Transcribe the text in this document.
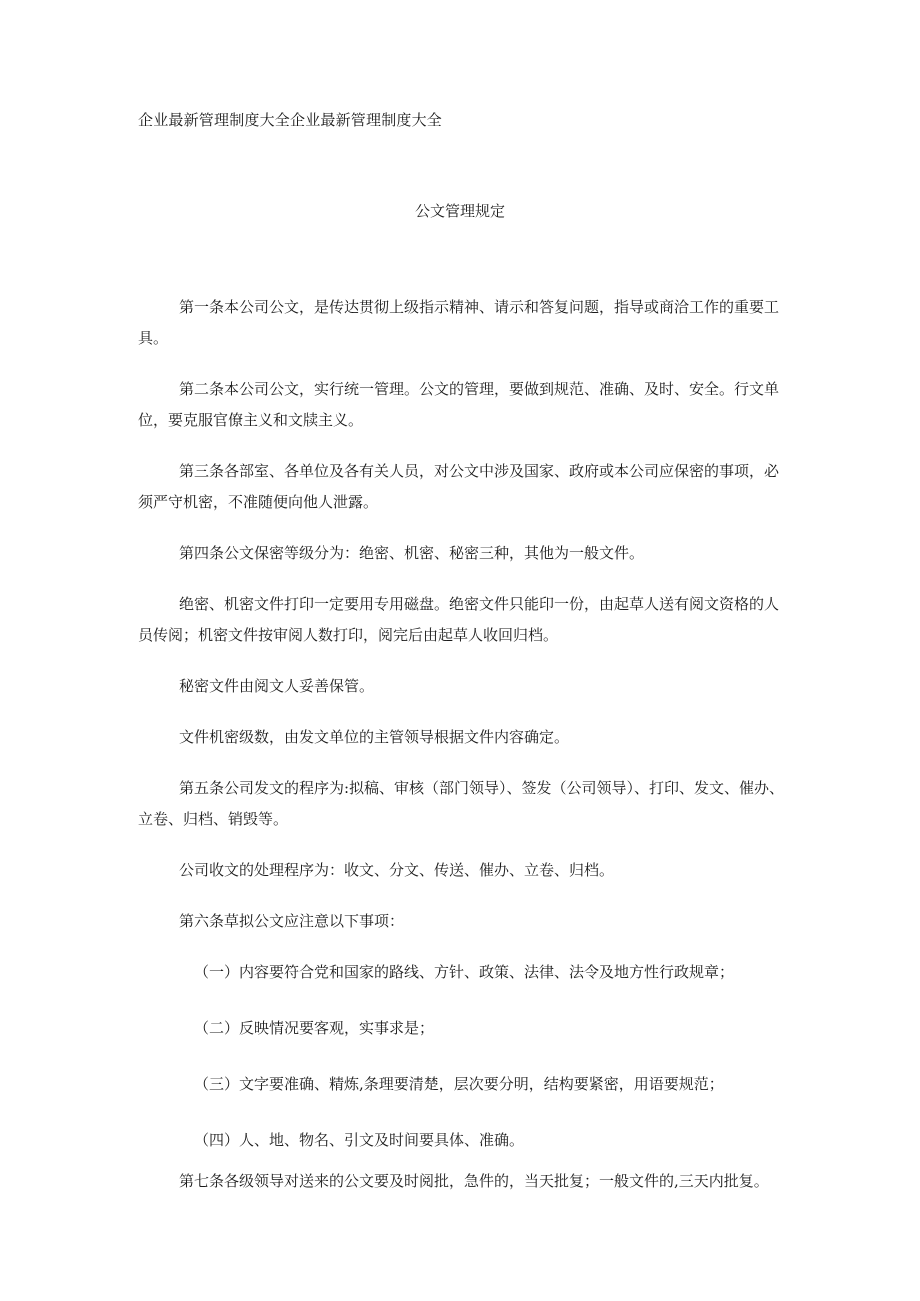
企业最新管理制度大全企业最新管理制度大全

公文管理规定

第一条本公司公文，是传达贯彻上级指示精神、请示和答复问题，指导或商洽工作的重要工具。

第二条本公司公文，实行统一管理。公文的管理，要做到规范、准确、及时、安全。行文单位，要克服官僚主义和文牍主义。

第三条各部室、各单位及各有关人员，对公文中涉及国家、政府或本公司应保密的事项，必须严守机密，不准随便向他人泄露。

第四条公文保密等级分为：绝密、机密、秘密三种，其他为一般文件。

绝密、机密文件打印一定要用专用磁盘。绝密文件只能印一份，由起草人送有阅文资格的人员传阅；机密文件按审阅人数打印，阅完后由起草人收回归档。

秘密文件由阅文人妥善保管。

文件机密级数，由发文单位的主管领导根据文件内容确定。

第五条公司发文的程序为:拟稿、审核（部门领导）、签发（公司领导）、打印、发文、催办、立卷、归档、销毁等。

公司收文的处理程序为：收文、分文、传送、催办、立卷、归档。

第六条草拟公文应注意以下事项：

（一）内容要符合党和国家的路线、方针、政策、法律、法令及地方性行政规章；

（二）反映情况要客观，实事求是；

（三）文字要准确、精炼,条理要清楚，层次要分明，结构要紧密，用语要规范；

（四）人、地、物名、引文及时间要具体、准确。

第七条各级领导对送来的公文要及时阅批，急件的，当天批复；一般文件的,三天内批复。
